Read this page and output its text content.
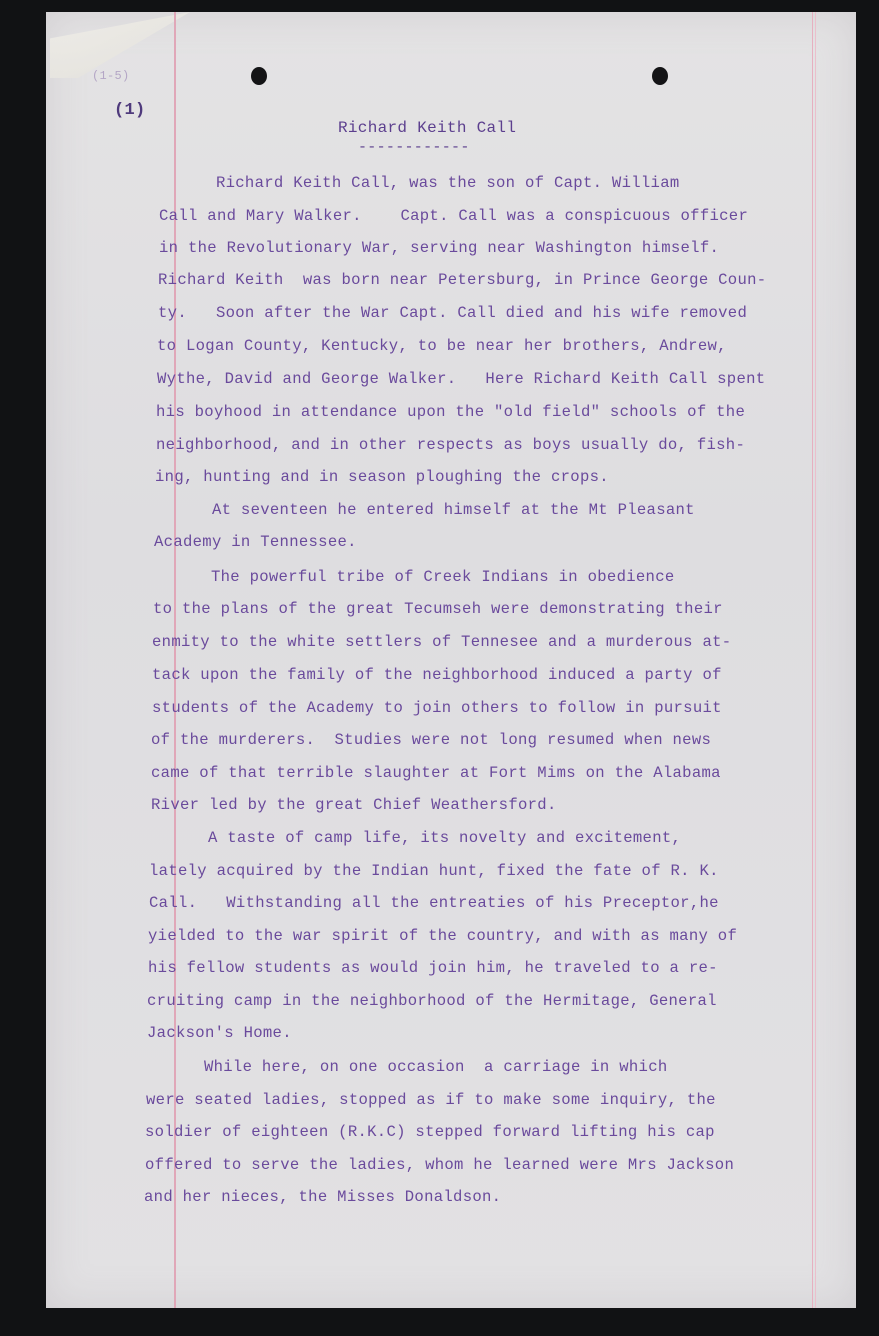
(1-5)
(1)
Richard Keith Call
------------
Richard Keith Call, was the son of Capt. William
Call and Mary Walker.    Capt. Call was a conspicuous officer
in the Revolutionary War, serving near Washington himself.
Richard Keith  was born near Petersburg, in Prince George Coun-
ty.   Soon after the War Capt. Call died and his wife removed
to Logan County, Kentucky, to be near her brothers, Andrew,
Wythe, David and George Walker.   Here Richard Keith Call spent
his boyhood in attendance upon the "old field" schools of the
neighborhood, and in other respects as boys usually do, fish-
ing, hunting and in season ploughing the crops.
At seventeen he entered himself at the Mt Pleasant
Academy in Tennessee.
The powerful tribe of Creek Indians in obedience
to the plans of the great Tecumseh were demonstrating their
enmity to the white settlers of Tennesee and a murderous at-
tack upon the family of the neighborhood induced a party of
students of the Academy to join others to follow in pursuit
of the murderers.  Studies were not long resumed when news
came of that terrible slaughter at Fort Mims on the Alabama
River led by the great Chief Weathersford.
A taste of camp life, its novelty and excitement,
lately acquired by the Indian hunt, fixed the fate of R. K.
Call.   Withstanding all the entreaties of his Preceptor,he
yielded to the war spirit of the country, and with as many of
his fellow students as would join him, he traveled to a re-
cruiting camp in the neighborhood of the Hermitage, General
Jackson's Home.
While here, on one occasion  a carriage in which
were seated ladies, stopped as if to make some inquiry, the
soldier of eighteen (R.K.C) stepped forward lifting his cap
offered to serve the ladies, whom he learned were Mrs Jackson
and her nieces, the Misses Donaldson.
